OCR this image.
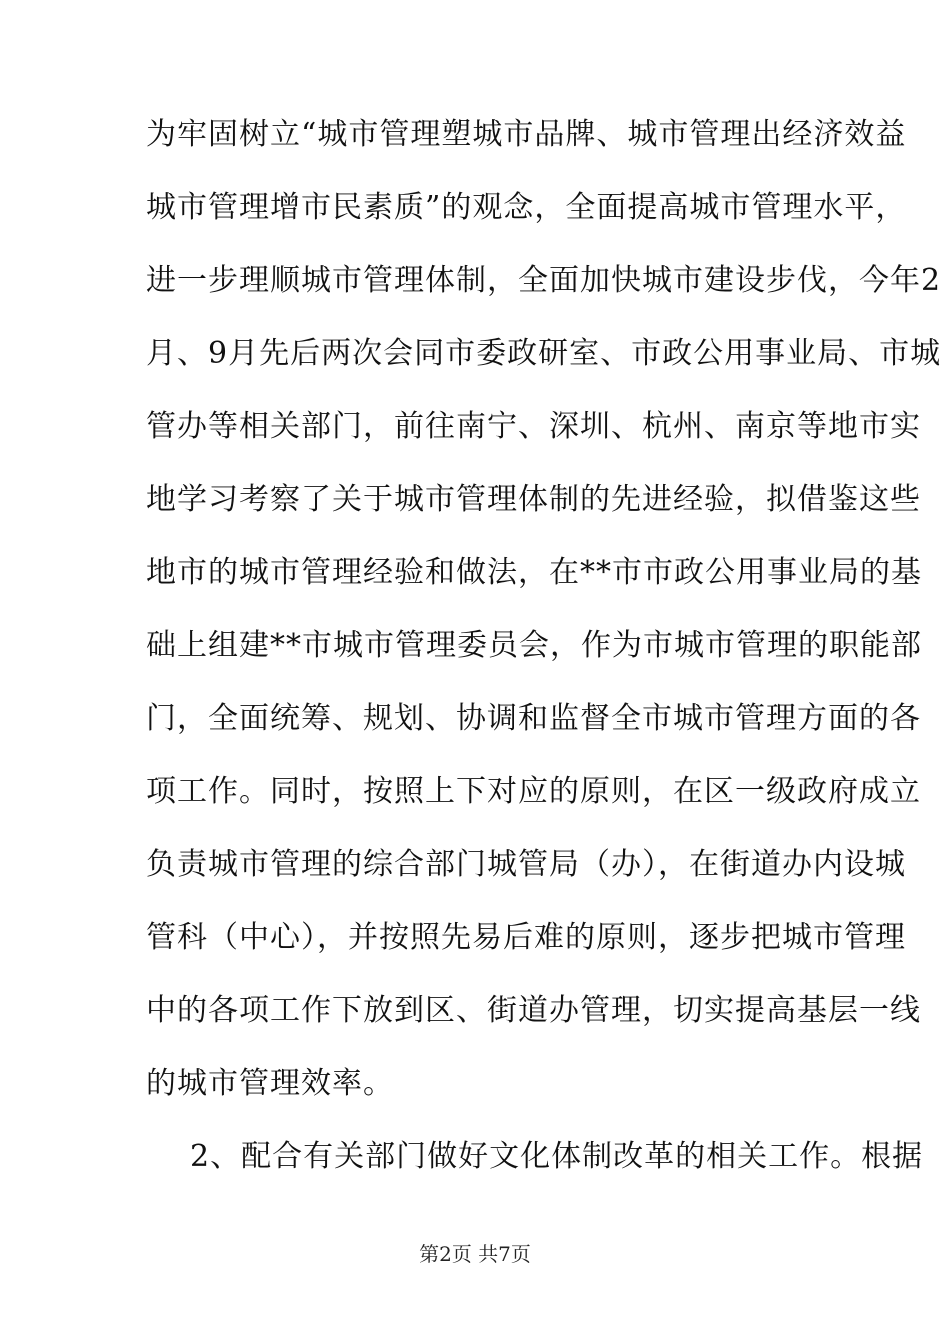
为牢固树立“城市管理塑城市品牌、城市管理出经济效益
城市管理增市民素质”的观念，全面提高城市管理水平，
进一步理顺城市管理体制，全面加快城市建设步伐，今年2
月、9月先后两次会同市委政研室、市政公用事业局、市城
管办等相关部门，前往南宁、深圳、杭州、南京等地市实
地学习考察了关于城市管理体制的先进经验，拟借鉴这些
地市的城市管理经验和做法，在**市市政公用事业局的基
础上组建**市城市管理委员会，作为市城市管理的职能部
门，全面统筹、规划、协调和监督全市城市管理方面的各
项工作。同时，按照上下对应的原则，在区一级政府成立
负责城市管理的综合部门城管局（办），在街道办内设城
管科（中心），并按照先易后难的原则，逐步把城市管理
中的各项工作下放到区、街道办管理，切实提高基层一线
的城市管理效率。
2、配合有关部门做好文化体制改革的相关工作。根据
第2页 共7页
